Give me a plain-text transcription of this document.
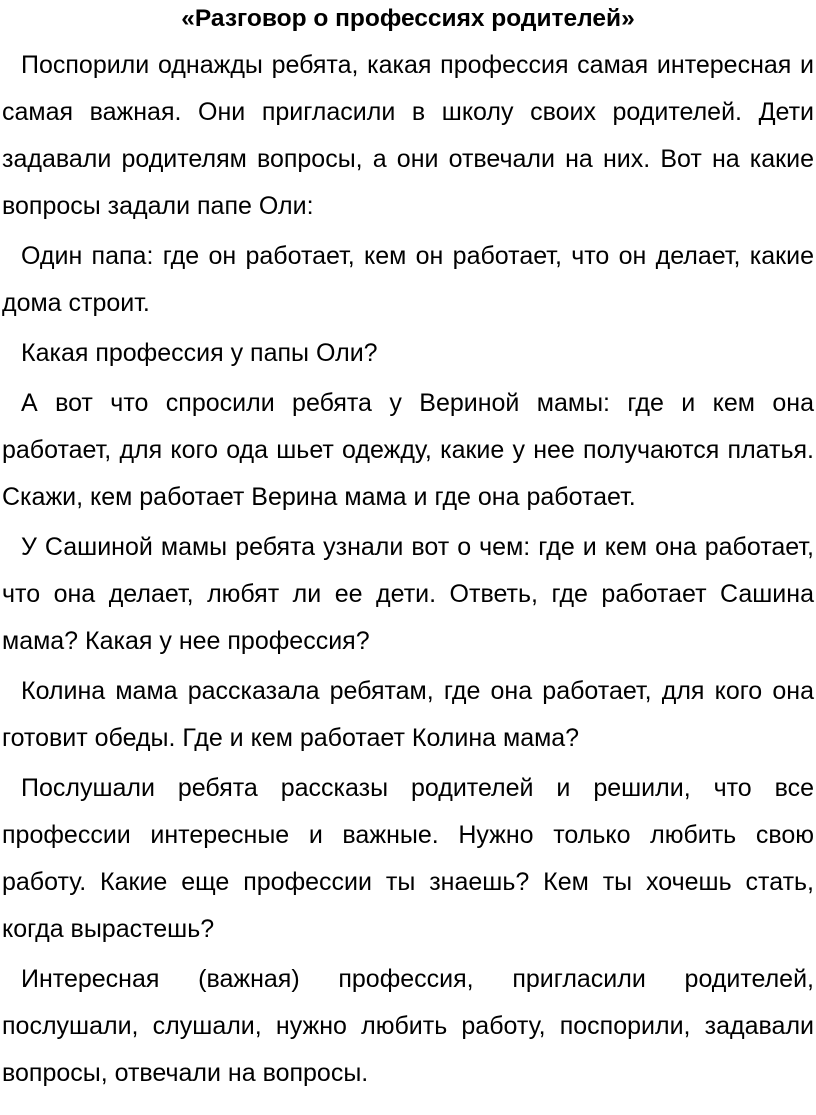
«Разговор о профессиях родителей»

Поспорили однажды ребята, какая профессия самая интересная и самая важная. Они пригласили в школу своих родителей. Дети задавали родителям вопросы, а они отвечали на них. Вот на какие вопросы задали папе Оли:

Один папа: где он работает, кем он работает, что он делает, какие дома строит.

Какая профессия у папы Оли?

А вот что спросили ребята у Вериной мамы: где и кем она работает, для кого ода шьет одежду, какие у нее получаются платья. Скажи, кем работает Верина мама и где она работает.

У Сашиной мамы ребята узнали вот о чем: где и кем она работает, что она делает, любят ли ее дети. Ответь, где работает Сашина мама? Какая у нее профессия?

Колина мама рассказала ребятам, где она работает, для кого она готовит обеды. Где и кем работает Колина мама?

Послушали ребята рассказы родителей и решили, что все профессии интересные и важные. Нужно только любить свою работу. Какие еще профессии ты знаешь? Кем ты хочешь стать, когда вырастешь?

Интересная (важная) профессия, пригласили родителей, послушали, слушали, нужно любить работу, поспорили, задавали вопросы, отвечали на вопросы.
